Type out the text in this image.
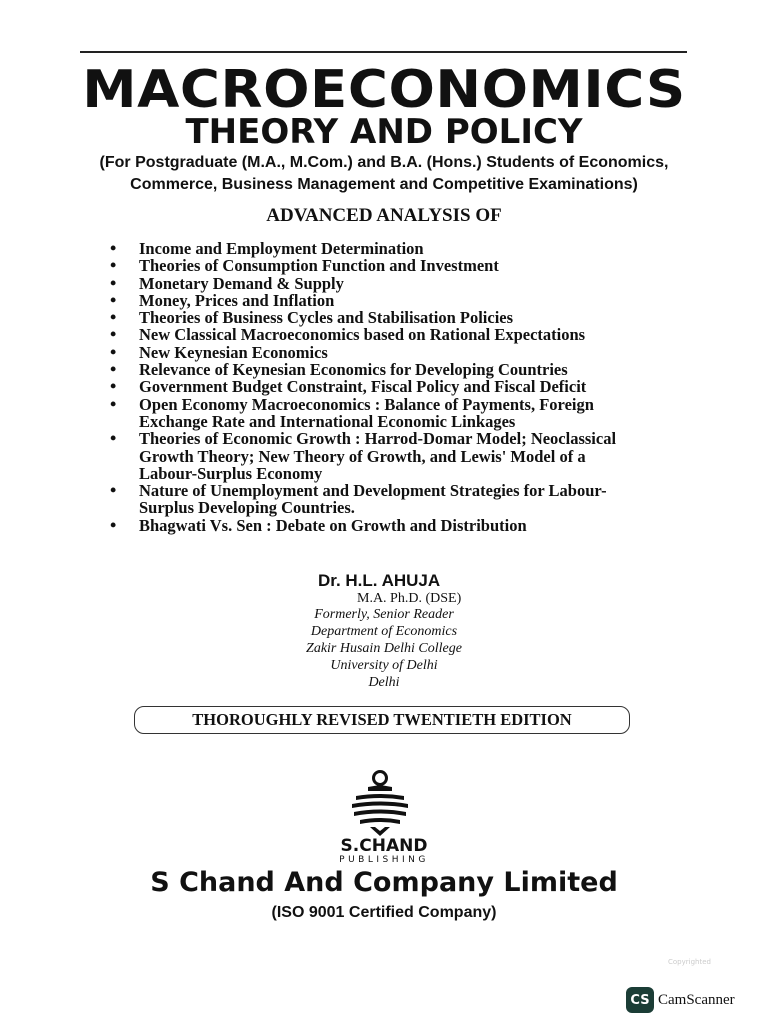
MACROECONOMICS
THEORY AND POLICY
(For Postgraduate (M.A., M.Com.) and B.A. (Hons.) Students of Economics,
Commerce, Business Management and Competitive Examinations)
ADVANCED ANALYSIS OF
• Income and Employment Determination
• Theories of Consumption Function and Investment
• Monetary Demand & Supply
• Money, Prices and Inflation
• Theories of Business Cycles and Stabilisation Policies
• New Classical Macroeconomics based on Rational Expectations
• New Keynesian Economics
• Relevance of Keynesian Economics for Developing Countries
• Government Budget Constraint, Fiscal Policy and Fiscal Deficit
• Open Economy Macroeconomics : Balance of Payments, Foreign Exchange Rate and International Economic Linkages
• Theories of Economic Growth : Harrod-Domar Model; Neoclassical Growth Theory; New Theory of Growth, and Lewis' Model of a Labour-Surplus Economy
• Nature of Unemployment and Development Strategies for Labour-Surplus Developing Countries.
• Bhagwati Vs. Sen : Debate on Growth and Distribution
Dr. H.L. AHUJA
M.A. Ph.D. (DSE)
Formerly, Senior Reader
Department of Economics
Zakir Husain Delhi College
University of Delhi
Delhi
THOROUGHLY REVISED TWENTIETH EDITION
S.CHAND
PUBLISHING
S Chand And Company Limited
(ISO 9001 Certified Company)
Copyrighted
CS CamScanner
